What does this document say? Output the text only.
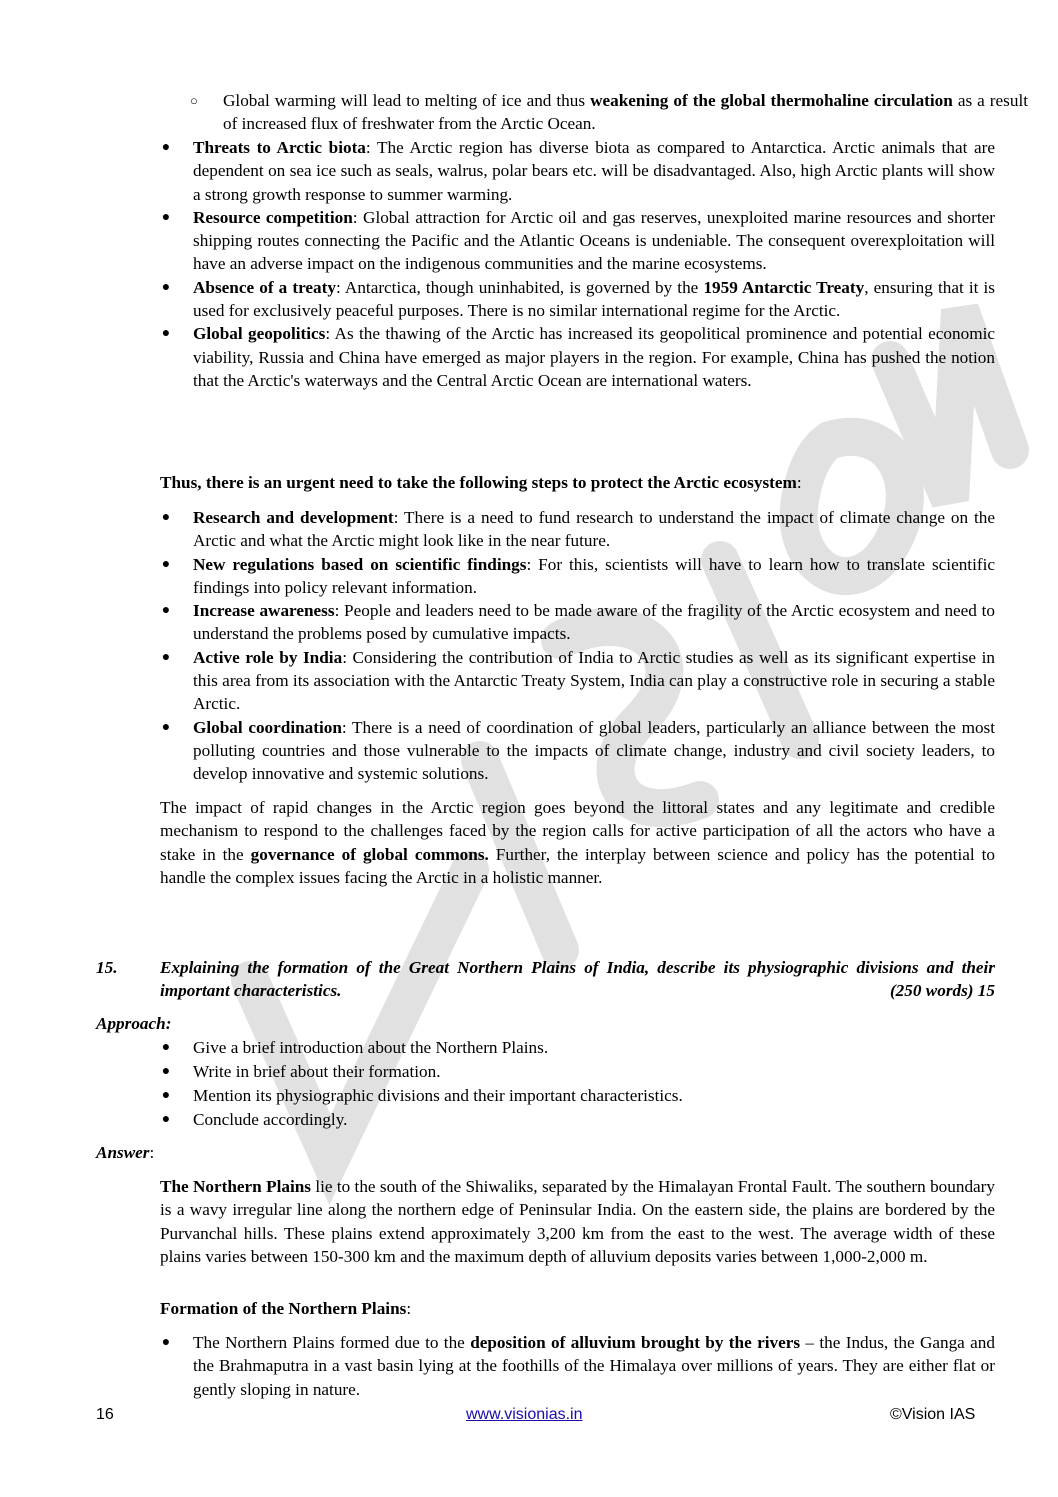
○ Global warming will lead to melting of ice and thus weakening of the global thermohaline circulation as a result of increased flux of freshwater from the Arctic Ocean.
● Threats to Arctic biota: The Arctic region has diverse biota as compared to Antarctica. Arctic animals that are dependent on sea ice such as seals, walrus, polar bears etc. will be disadvantaged. Also, high Arctic plants will show a strong growth response to summer warming.
● Resource competition: Global attraction for Arctic oil and gas reserves, unexploited marine resources and shorter shipping routes connecting the Pacific and the Atlantic Oceans is undeniable. The consequent overexploitation will have an adverse impact on the indigenous communities and the marine ecosystems.
● Absence of a treaty: Antarctica, though uninhabited, is governed by the 1959 Antarctic Treaty, ensuring that it is used for exclusively peaceful purposes. There is no similar international regime for the Arctic.
● Global geopolitics: As the thawing of the Arctic has increased its geopolitical prominence and potential economic viability, Russia and China have emerged as major players in the region. For example, China has pushed the notion that the Arctic's waterways and the Central Arctic Ocean are international waters.
Thus, there is an urgent need to take the following steps to protect the Arctic ecosystem:
● Research and development: There is a need to fund research to understand the impact of climate change on the Arctic and what the Arctic might look like in the near future.
● New regulations based on scientific findings: For this, scientists will have to learn how to translate scientific findings into policy relevant information.
● Increase awareness: People and leaders need to be made aware of the fragility of the Arctic ecosystem and need to understand the problems posed by cumulative impacts.
● Active role by India: Considering the contribution of India to Arctic studies as well as its significant expertise in this area from its association with the Antarctic Treaty System, India can play a constructive role in securing a stable Arctic.
● Global coordination: There is a need of coordination of global leaders, particularly an alliance between the most polluting countries and those vulnerable to the impacts of climate change, industry and civil society leaders, to develop innovative and systemic solutions.
The impact of rapid changes in the Arctic region goes beyond the littoral states and any legitimate and credible mechanism to respond to the challenges faced by the region calls for active participation of all the actors who have a stake in the governance of global commons. Further, the interplay between science and policy has the potential to handle the complex issues facing the Arctic in a holistic manner.
15. Explaining the formation of the Great Northern Plains of India, describe its physiographic divisions and their important characteristics.	(250 words) 15
Approach:
● Give a brief introduction about the Northern Plains.
● Write in brief about their formation.
● Mention its physiographic divisions and their important characteristics.
● Conclude accordingly.
Answer:
The Northern Plains lie to the south of the Shiwaliks, separated by the Himalayan Frontal Fault. The southern boundary is a wavy irregular line along the northern edge of Peninsular India. On the eastern side, the plains are bordered by the Purvanchal hills. These plains extend approximately 3,200 km from the east to the west. The average width of these plains varies between 150-300 km and the maximum depth of alluvium deposits varies between 1,000-2,000 m.
Formation of the Northern Plains:
● The Northern Plains formed due to the deposition of alluvium brought by the rivers – the Indus, the Ganga and the Brahmaputra in a vast basin lying at the foothills of the Himalaya over millions of years. They are either flat or gently sloping in nature.
16	www.visionias.in	©Vision IAS
